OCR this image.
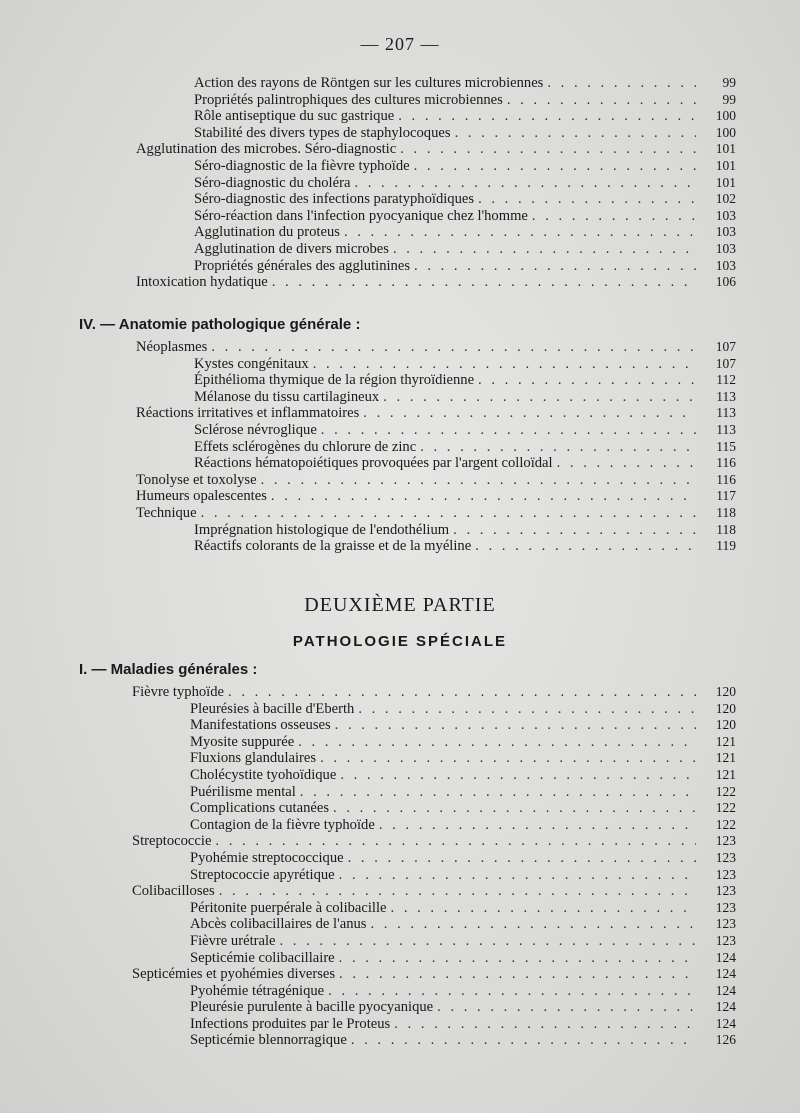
— 207 —
Action des rayons de Röntgen sur les cultures microbiennes . . .	99
Propriétés palintrophiques des cultures microbiennes . . .	99
Rôle antiseptique du suc gastrique . . .	100
Stabilité des divers types de staphylocoques . . .	100
Agglutination des microbes. Séro-diagnostic . . .	101
Séro-diagnostic de la fièvre typhoïde . . .	101
Séro-diagnostic du choléra . . .	101
Séro-diagnostic des infections paratyphoïdiques . . .	102
Séro-réaction dans l'infection pyocyanique chez l'homme . . .	103
Agglutination du proteus . . .	103
Agglutination de divers microbes . . .	103
Propriétés générales des agglutinines . . .	103
Intoxication hydatique . . .	106
IV. — Anatomie pathologique générale :
Néoplasmes . . .	107
Kystes congénitaux . . .	107
Épithélioma thymique de la région thyroïdienne . . .	112
Mélanose du tissu cartilagineux . . .	113
Réactions irritatives et inflammatoires . . .	113
Sclérose névroglique . . .	113
Effets sclérogènes du chlorure de zinc . . .	115
Réactions hématopoiétiques provoquées par l'argent colloïdal . . .	116
Tonolyse et toxolyse . . .	116
Humeurs opalescentes . . .	117
Technique . . .	118
Imprégnation histologique de l'endothélium . . .	118
Réactifs colorants de la graisse et de la myéline . . .	119
DEUXIÈME PARTIE
PATHOLOGIE SPÉCIALE
I. — Maladies générales :
Fièvre typhoïde . . .	120
Pleurésies à bacille d'Eberth . . .	120
Manifestations osseuses . . .	120
Myosite suppurée . . .	121
Fluxions glandulaires . . .	121
Cholécystite tyohoïdique . . .	121
Puérilisme mental . . .	122
Complications cutanées . . .	122
Contagion de la fièvre typhoïde . . .	122
Streptococcie . . .	123
Pyohémie streptococcique . . .	123
Streptococcie apyrétique . . .	123
Colibacilloses . . .	123
Péritonite puerpérale à colibacille . . .	123
Abcès colibacillaires de l'anus . . .	123
Fièvre urétrale . . .	123
Septicémie colibacillaire . . .	124
Septicémies et pyohémies diverses . . .	124
Pyohémie tétragénique . . .	124
Pleurésie purulente à bacille pyocyanique . . .	124
Infections produites par le Proteus . . .	124
Septicémie blennorragique . . .	126
